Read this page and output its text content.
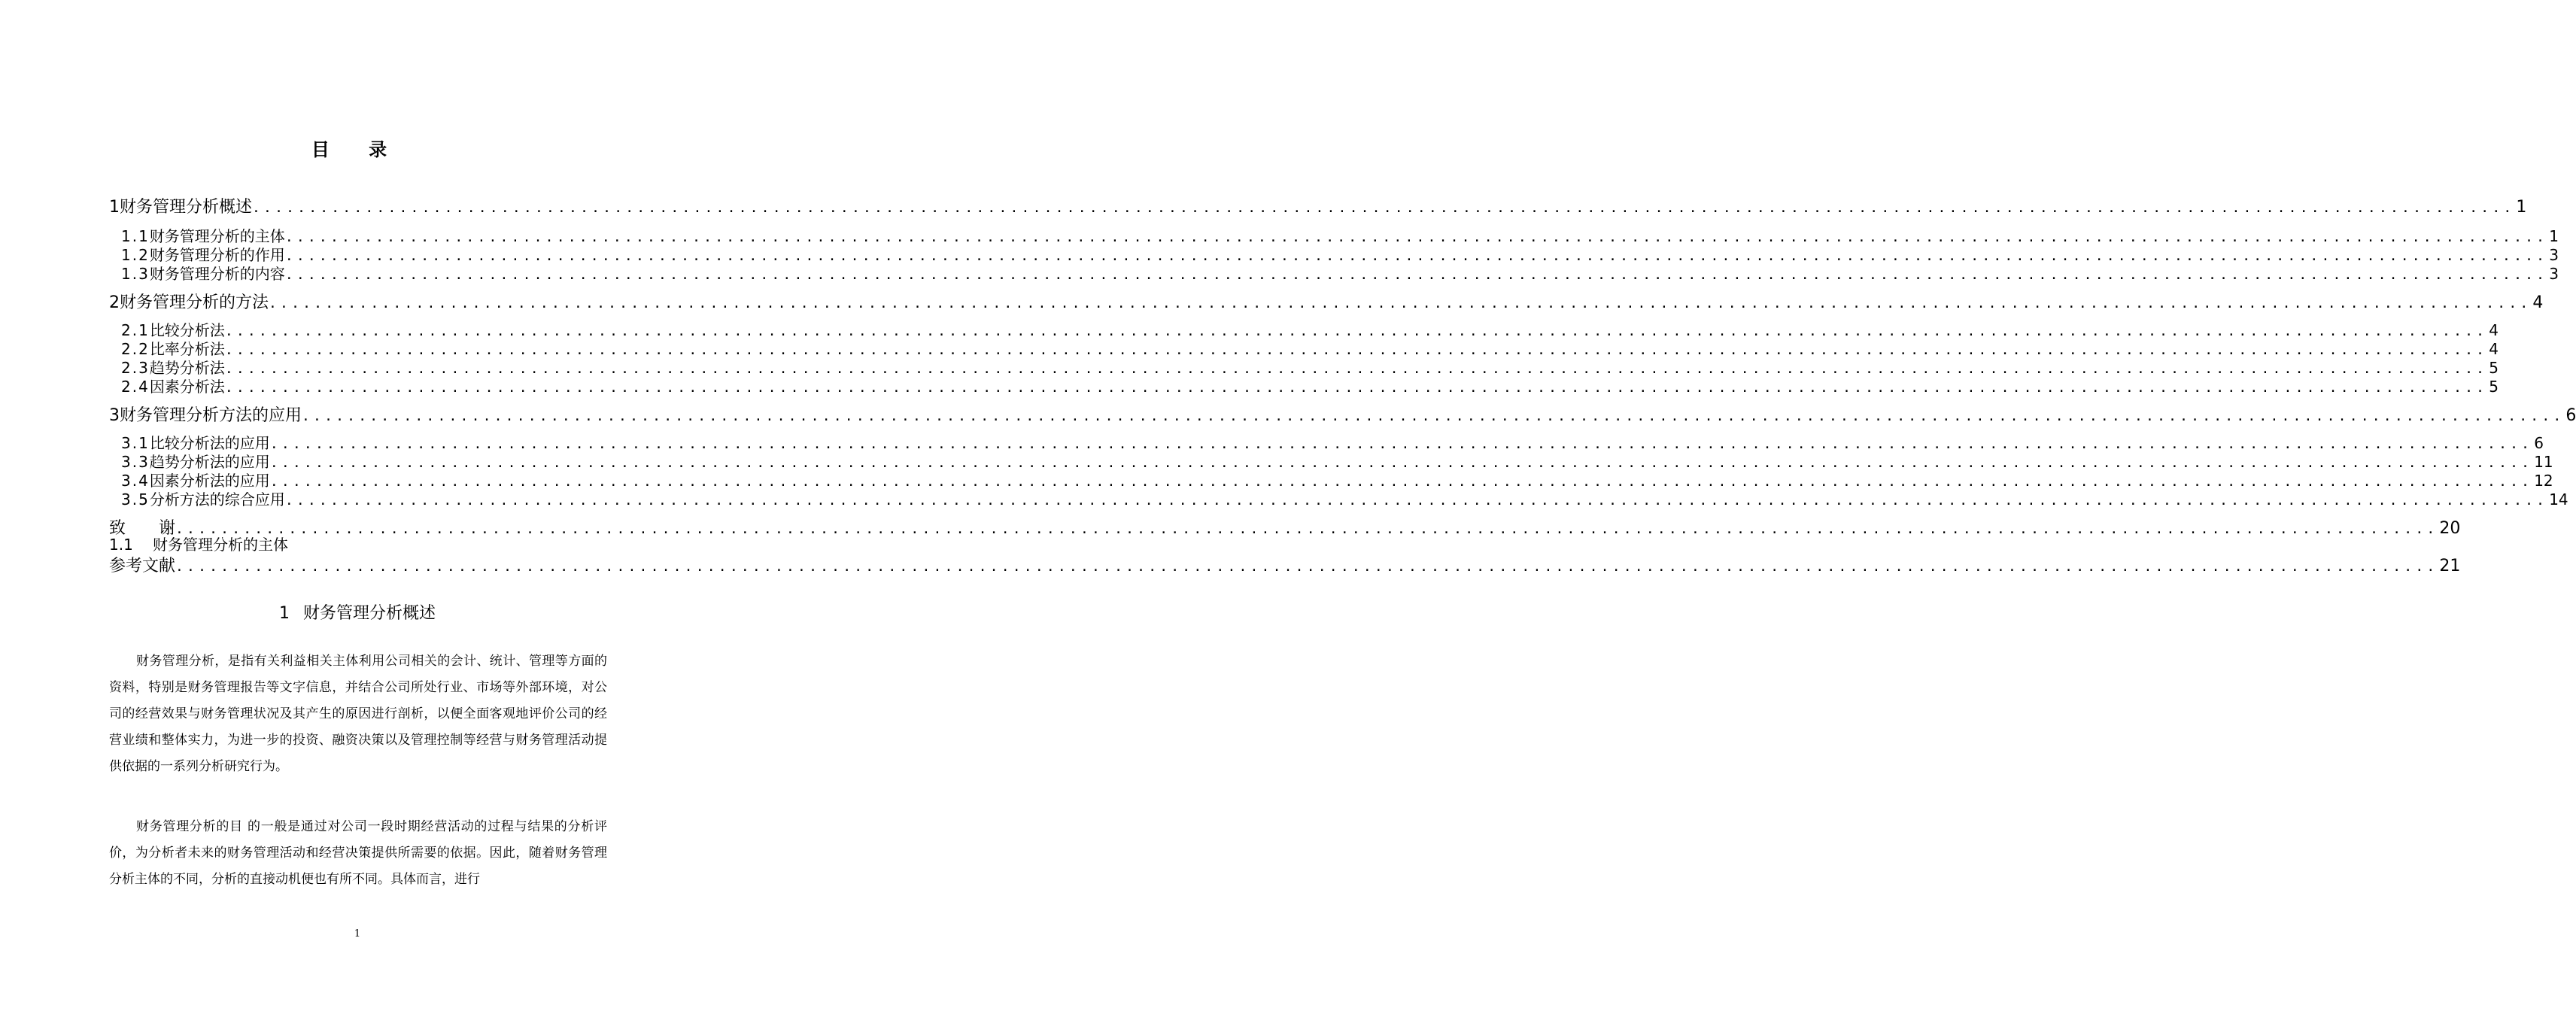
目 录
1 财务管理分析概述 ........................................................................................................................................................................................................ 1
1.1 财务管理分析的主体 ........................................................................................................................................................................................................ 1
1.2 财务管理分析的作用 ........................................................................................................................................................................................................ 3
1.3 财务管理分析的内容 ........................................................................................................................................................................................................ 3
2 财务管理分析的方法 ........................................................................................................................................................................................................ 4
2.1 比较分析法 ........................................................................................................................................................................................................ 4
2.2 比率分析法 ........................................................................................................................................................................................................ 4
2.3 趋势分析法 ........................................................................................................................................................................................................ 5
2.4 因素分析法 ........................................................................................................................................................................................................ 5
3 财务管理分析方法的应用 ........................................................................................................................................................................................................ 6
3.1 比较分析法的应用 ........................................................................................................................................................................................................ 6
3.3 趋势分析法的应用 ........................................................................................................................................................................................................ 11
3.4 因素分析法的应用 ........................................................................................................................................................................................................ 12
3.5 分析方法的综合应用 ........................................................................................................................................................................................................ 14
致　　谢 ........................................................................................................................................................................................................ 20
参考文献 ........................................................................................................................................................................................................ 21
1 财务管理分析概述
财务管理分析，是指有关利益相关主体利用公司相关的会计、统计、管理等方面的资料，特别是财务管理报告等文字信息，并结合公司所处行业、市场等外部环境，对公司的经营效果与财务管理状况及其产生的原因进行剖析，以便全面客观地评价公司的经营业绩和整体实力，为进一步的投资、融资决策以及管理控制等经营与财务管理活动提供依据的一系列分析研究行为。
1.1 财务管理分析的主体
财务管理分析的目 的一般是通过对公司一段时期经营活动的过程与结果的分析评价，为分析者未来的财务管理活动和经营决策提供所需要的依据。因此，随着财务管理分析主体的不同，分析的直接动机便也有所不同。具体而言，进行
1
